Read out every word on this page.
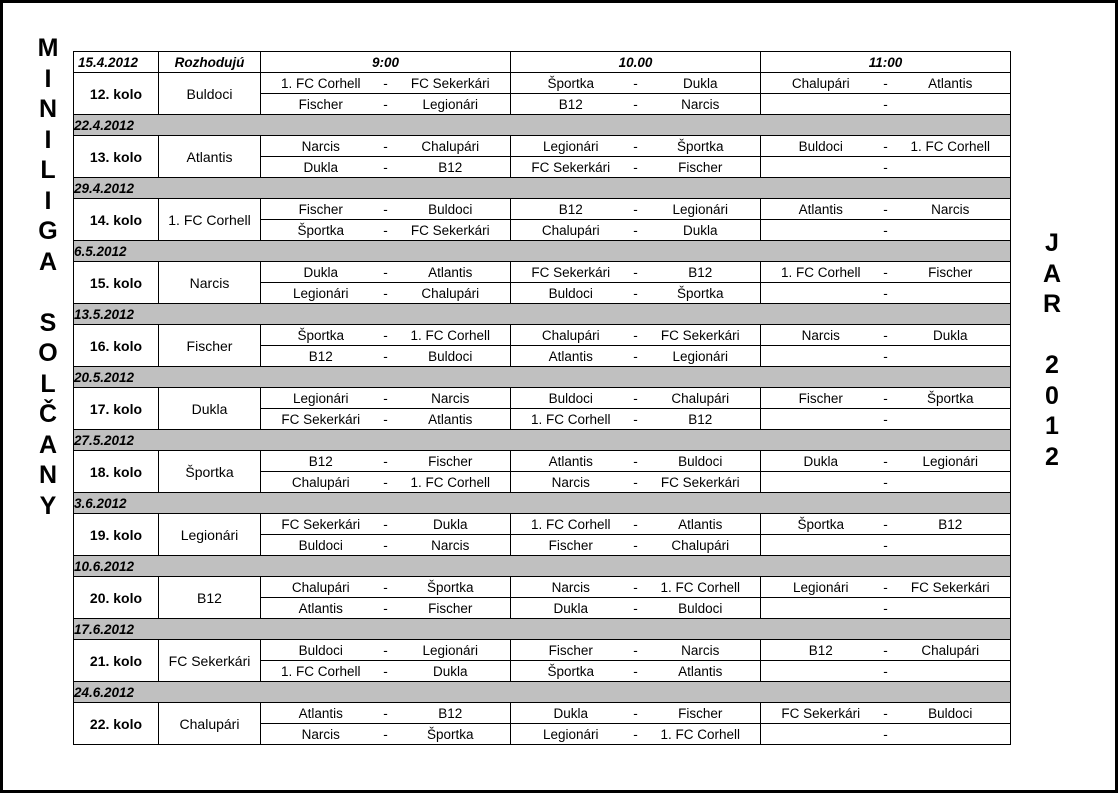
M
I
N
I
L
I
G
A

S
O
L
Č
A
N
Y
J
A
R

2
0
1
2
15.4.2012	Rozhodujú	9:00	10.00	11:00
12. kolo	Buldoci	1. FC Corhell - FC Sekerkári	Športka - Dukla	Chalupári - Atlantis

		Fischer - Legionári	B12 - Narcis	-

22.4.2012				
13. kolo	Atlantis	Narcis - Chalupári	Legionári - Športka	Buldoci - 1. FC Corhell

		Dukla - B12	FC Sekerkári - Fischer	-

29.4.2012				
14. kolo	1. FC Corhell	Fischer - Buldoci	B12 - Legionári	Atlantis - Narcis

		Športka - FC Sekerkári	Chalupári - Dukla	-

6.5.2012				
15. kolo	Narcis	Dukla - Atlantis	FC Sekerkári - B12	1. FC Corhell - Fischer

		Legionári - Chalupári	Buldoci - Športka	-

13.5.2012				
16. kolo	Fischer	Športka - 1. FC Corhell	Chalupári - FC Sekerkári	Narcis - Dukla

		B12 - Buldoci	Atlantis - Legionári	-

20.5.2012				
17. kolo	Dukla	Legionári - Narcis	Buldoci - Chalupári	Fischer - Športka

		FC Sekerkári - Atlantis	1. FC Corhell - B12	-

27.5.2012				
18. kolo	Športka	B12 - Fischer	Atlantis - Buldoci	Dukla - Legionári

		Chalupári - 1. FC Corhell	Narcis - FC Sekerkári	-

3.6.2012				
19. kolo	Legionári	FC Sekerkári - Dukla	1. FC Corhell - Atlantis	Športka - B12

		Buldoci - Narcis	Fischer - Chalupári	-

10.6.2012				
20. kolo	B12	Chalupári - Športka	Narcis - 1. FC Corhell	Legionári - FC Sekerkári

		Atlantis - Fischer	Dukla - Buldoci	-

17.6.2012				
21. kolo	FC Sekerkári	Buldoci - Legionári	Fischer - Narcis	B12 - Chalupári

		1. FC Corhell - Dukla	Športka - Atlantis	-

24.6.2012				
22. kolo	Chalupári	Atlantis - B12	Dukla - Fischer	FC Sekerkári - Buldoci

		Narcis - Športka	Legionári - 1. FC Corhell	-
